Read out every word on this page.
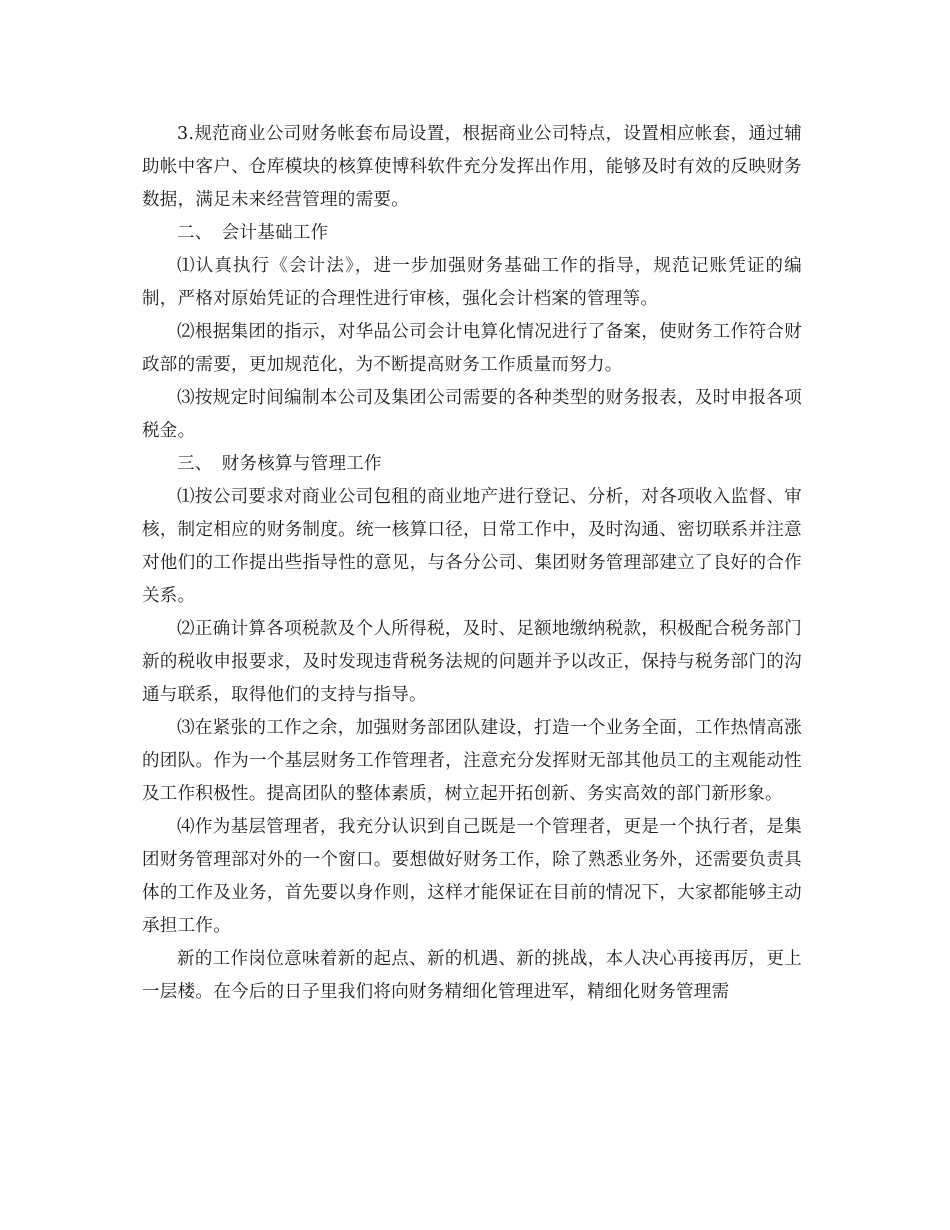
3.规范商业公司财务帐套布局设置，根据商业公司特点，设置相应帐套，通过辅助帐中客户、仓库模块的核算使博科软件充分发挥出作用，能够及时有效的反映财务数据，满足未来经营管理的需要。

二、　会计基础工作

⑴认真执行《会计法》，进一步加强财务基础工作的指导，规范记账凭证的编制，严格对原始凭证的合理性进行审核，强化会计档案的管理等。

⑵根据集团的指示，对华品公司会计电算化情况进行了备案，使财务工作符合财政部的需要，更加规范化，为不断提高财务工作质量而努力。

⑶按规定时间编制本公司及集团公司需要的各种类型的财务报表，及时申报各项税金。

三、　财务核算与管理工作

⑴按公司要求对商业公司包租的商业地产进行登记、分析，对各项收入监督、审核，制定相应的财务制度。统一核算口径，日常工作中，及时沟通、密切联系并注意对他们的工作提出些指导性的意见，与各分公司、集团财务管理部建立了良好的合作关系。

⑵正确计算各项税款及个人所得税，及时、足额地缴纳税款，积极配合税务部门新的税收申报要求，及时发现违背税务法规的问题并予以改正，保持与税务部门的沟通与联系，取得他们的支持与指导。

⑶在紧张的工作之余，加强财务部团队建设，打造一个业务全面，工作热情高涨的团队。作为一个基层财务工作管理者，注意充分发挥财无部其他员工的主观能动性及工作积极性。提高团队的整体素质，树立起开拓创新、务实高效的部门新形象。

⑷作为基层管理者，我充分认识到自己既是一个管理者，更是一个执行者，是集团财务管理部对外的一个窗口。要想做好财务工作，除了熟悉业务外，还需要负责具体的工作及业务，首先要以身作则，这样才能保证在目前的情况下，大家都能够主动承担工作。

新的工作岗位意味着新的起点、新的机遇、新的挑战，本人决心再接再厉，更上一层楼。在今后的日子里我们将向财务精细化管理进军，精细化财务管理需
